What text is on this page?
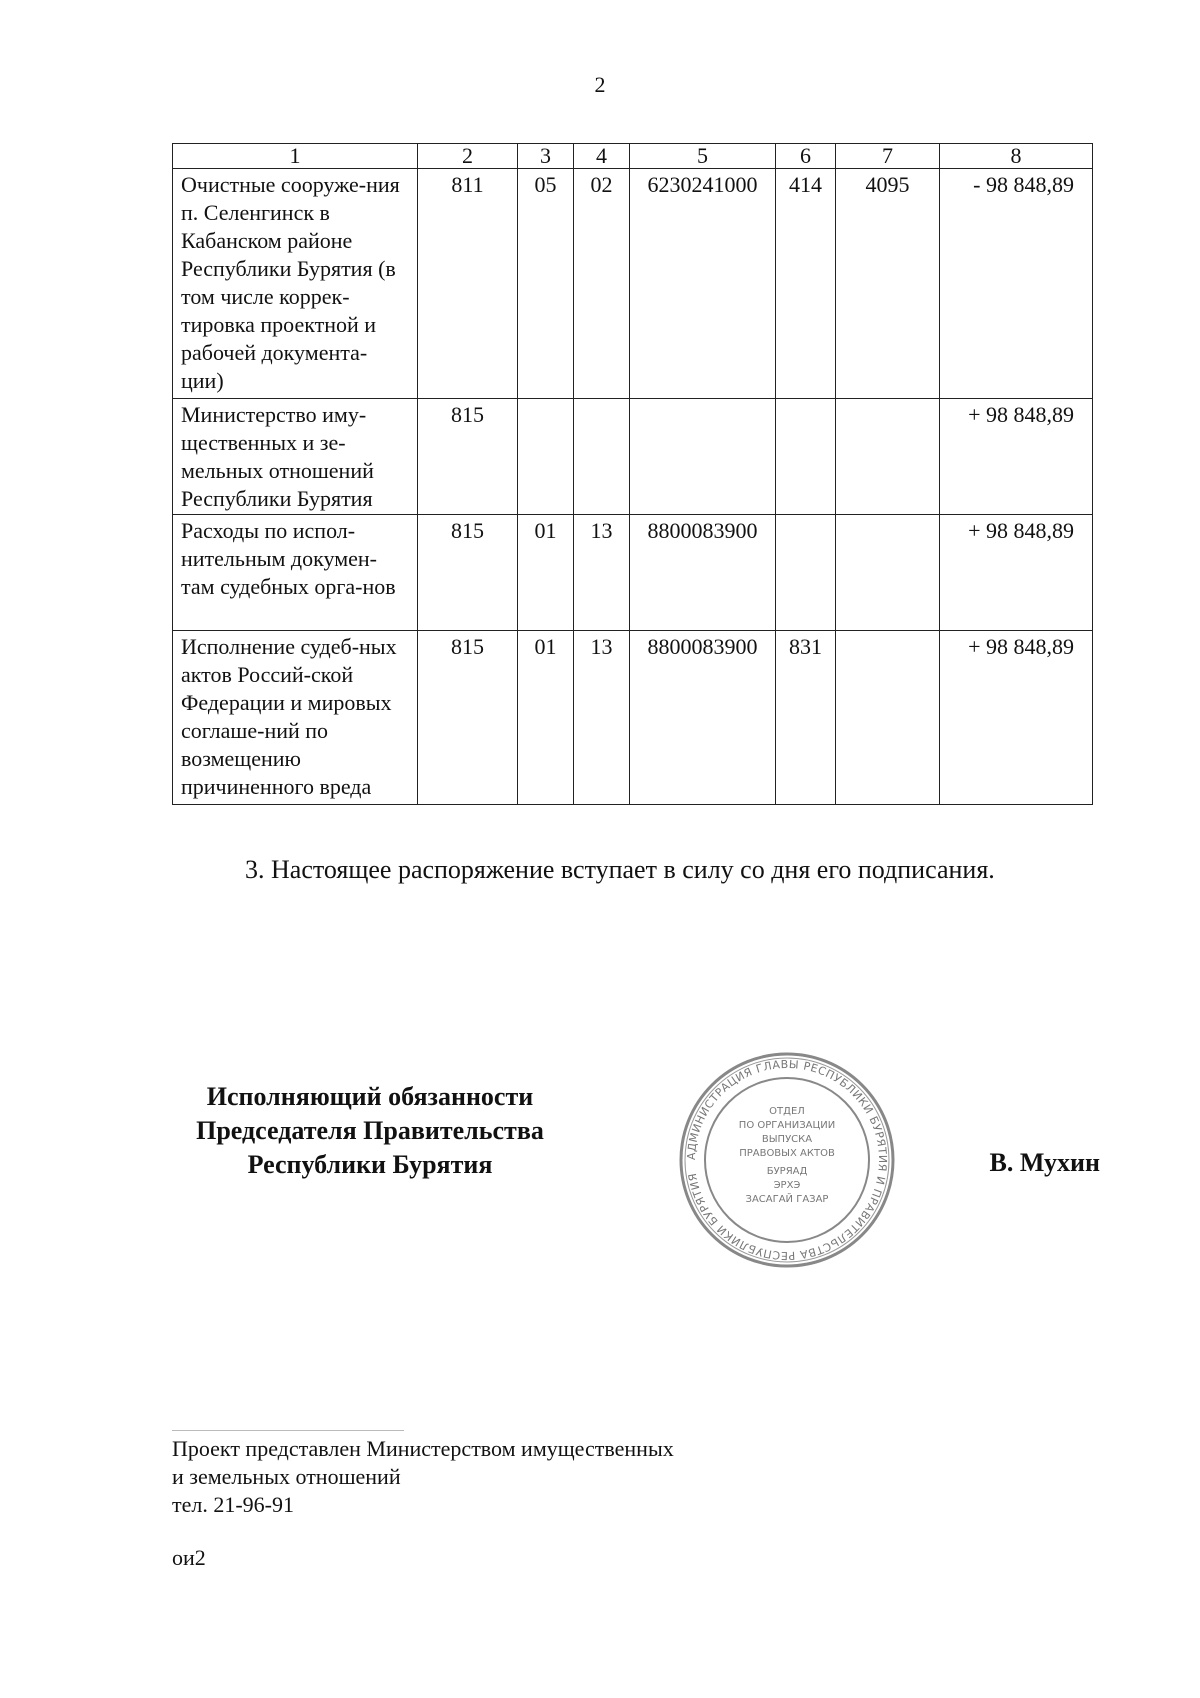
2
1	2	3	4	5	6	7	8
Очистные сооруже-ния п. Селенгинск в Кабанском районе Республики Бурятия (в том числе коррек-тировка проектной и рабочей документа-ции)	811	05	02	6230241000	414	4095	- 98 848,89
Министерство иму-щественных и зе-мельных отношений Республики Бурятия	815						+ 98 848,89
Расходы по испол-нительным докумен-там судебных орга-нов	815	01	13	8800083900			+ 98 848,89
Исполнение судеб-ных актов Россий-ской Федерации и мировых соглаше-ний по возмещению причиненного вреда	815	01	13	8800083900	831		+ 98 848,89
3. Настоящее распоряжение вступает в силу со дня его подписания.
Исполняющий обязанности
Председателя Правительства
Республики Бурятия	АДМИНИСТРАЦИЯ ГЛАВЫ РЕСПУБЛИКИ БУРЯТИЯ И ПРАВИТЕЛЬСТВА РЕСПУБЛИКИ БУРЯТИЯ
ОТДЕЛ
ПО ОРГАНИЗАЦИИ
ВЫПУСКА
ПРАВОВЫХ АКТОВ
БУРЯАД
ЭРХЭ
ЗАСАГАЙ ГАЗАР
В. Мухин
Проект представлен Министерством имущественных
и земельных отношений
тел. 21-96-91
ои2
